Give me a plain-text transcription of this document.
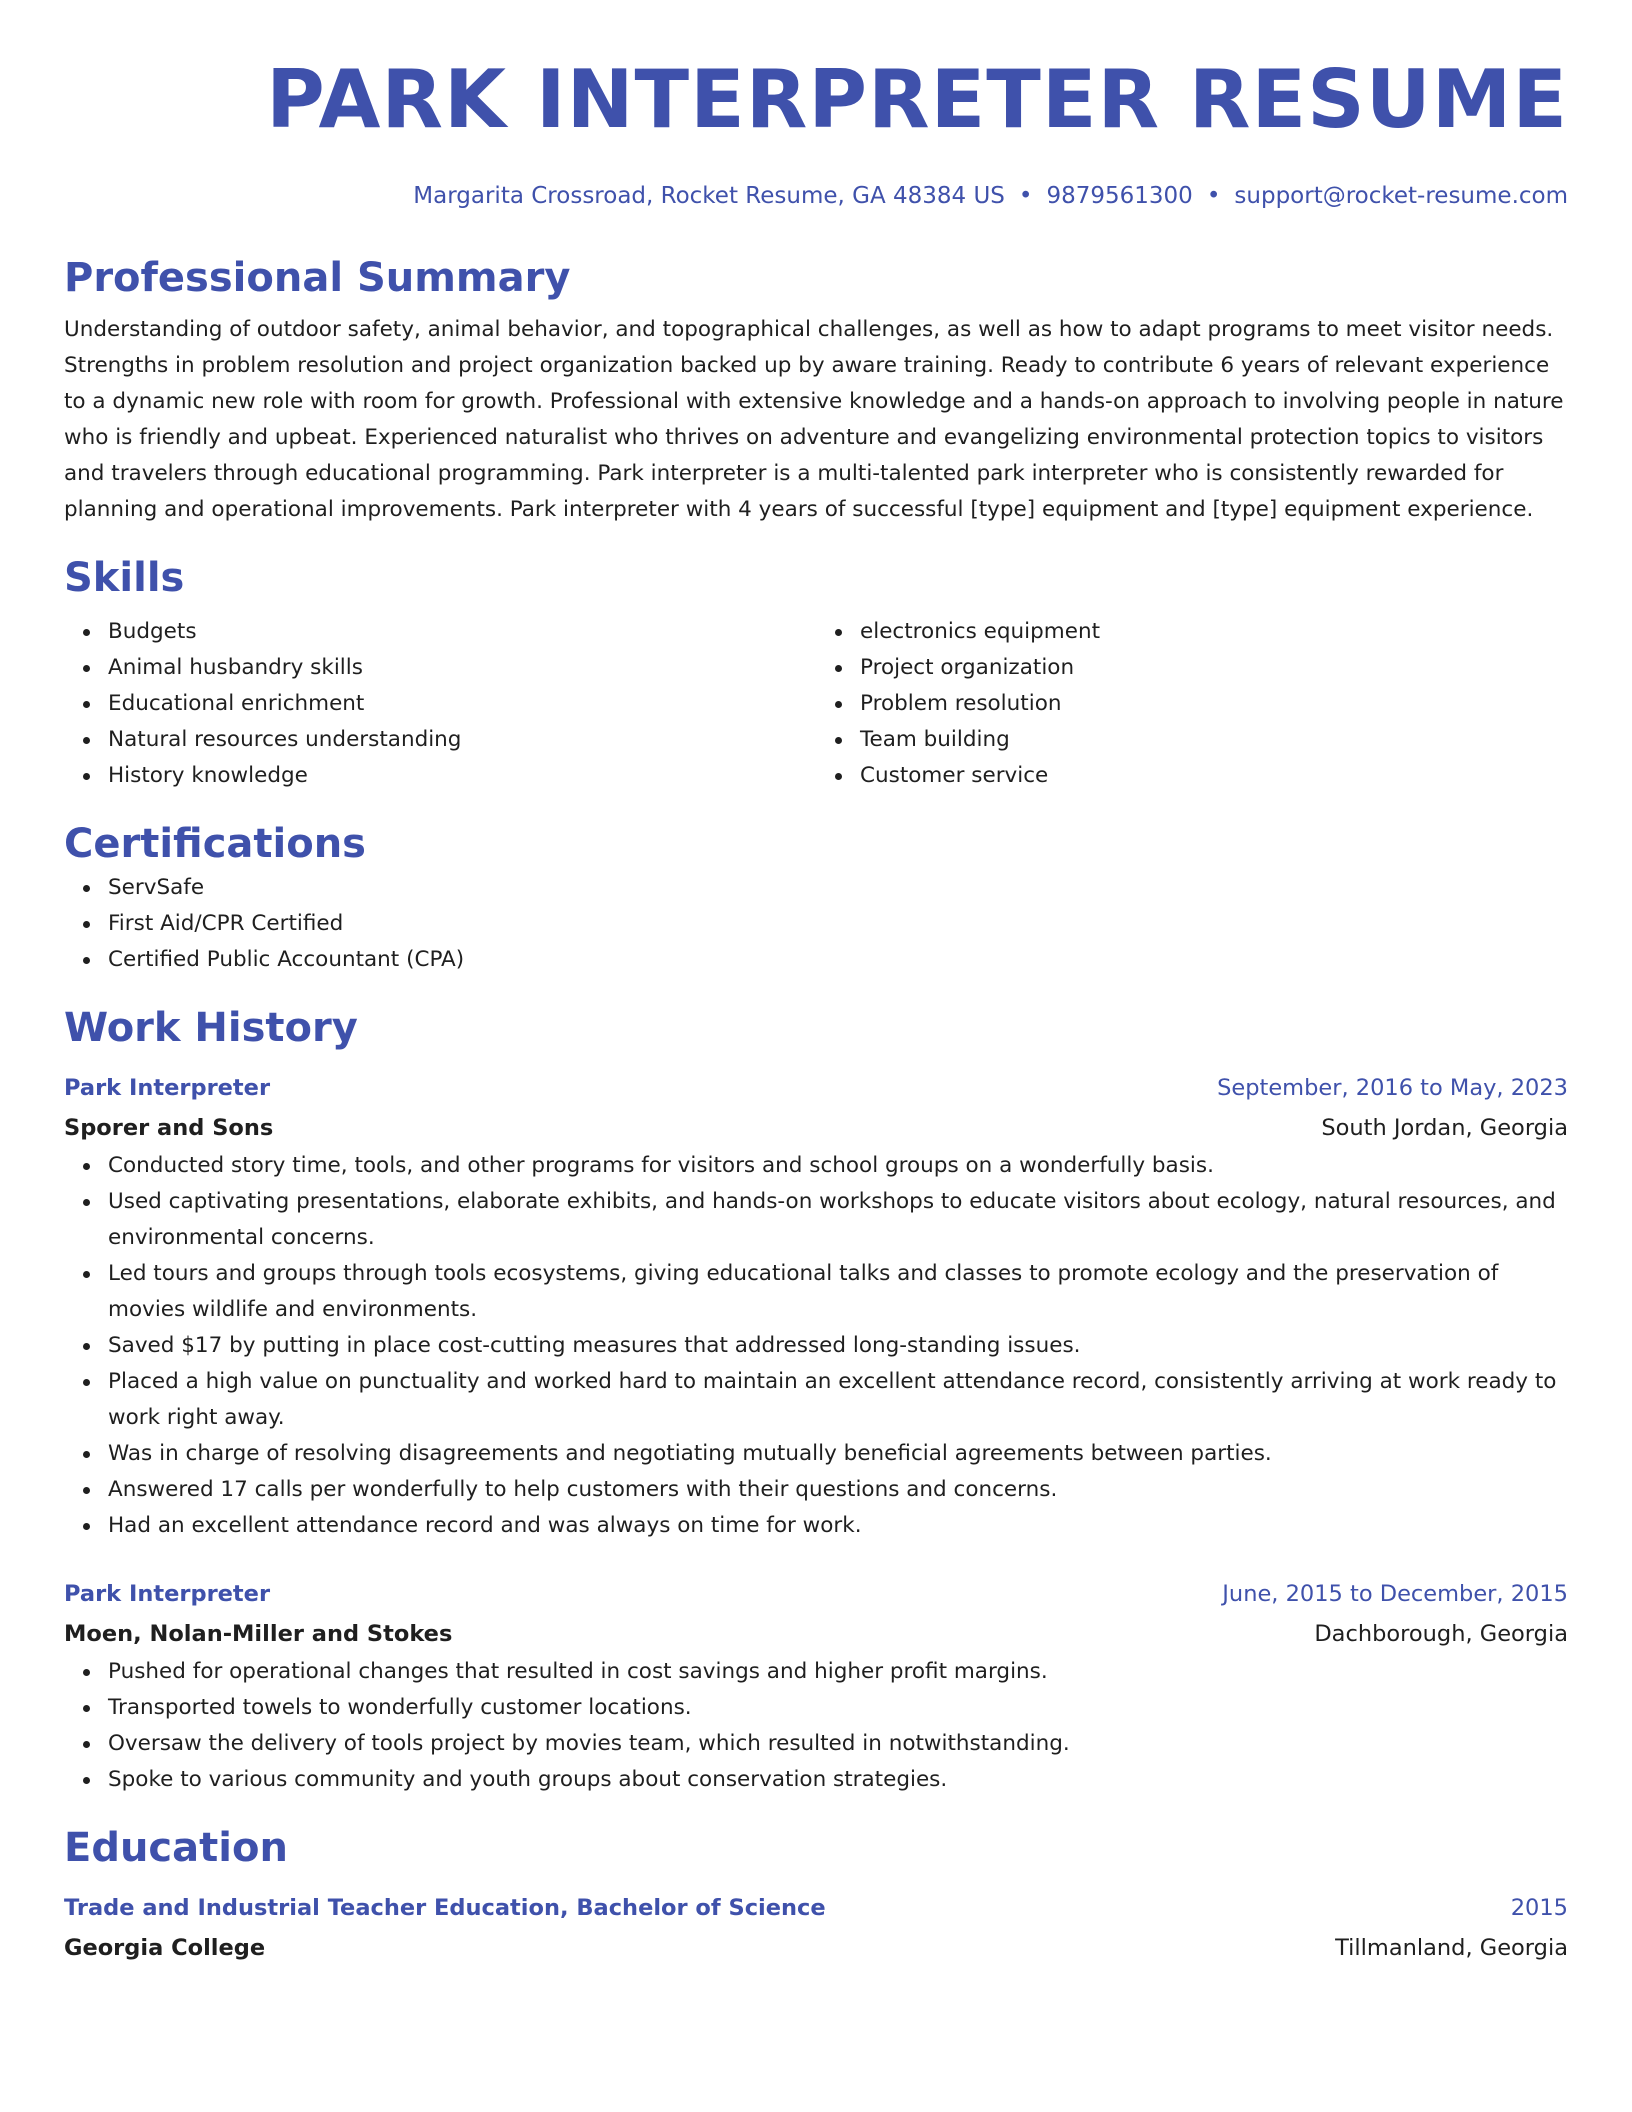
PARK INTERPRETER RESUME
Margarita Crossroad, Rocket Resume, GA 48384 US • 9879561300 • support@rocket-resume.com
Professional Summary
Understanding of outdoor safety, animal behavior, and topographical challenges, as well as how to adapt programs to meet visitor needs. Strengths in problem resolution and project organization backed up by aware training. Ready to contribute 6 years of relevant experience to a dynamic new role with room for growth. Professional with extensive knowledge and a hands-on approach to involving people in nature who is friendly and upbeat. Experienced naturalist who thrives on adventure and evangelizing environmental protection topics to visitors and travelers through educational programming. Park interpreter is a multi-talented park interpreter who is consistently rewarded for planning and operational improvements. Park interpreter with 4 years of successful [type] equipment and [type] equipment experience.
Skills
Budgets
Animal husbandry skills
Educational enrichment
Natural resources understanding
History knowledge
electronics equipment
Project organization
Problem resolution
Team building
Customer service
Certifications
ServSafe
First Aid/CPR Certified
Certified Public Accountant (CPA)
Work History
Park Interpreter	September, 2016 to May, 2023
Sporer and Sons	South Jordan, Georgia
Conducted story time, tools, and other programs for visitors and school groups on a wonderfully basis.
Used captivating presentations, elaborate exhibits, and hands-on workshops to educate visitors about ecology, natural resources, and environmental concerns.
Led tours and groups through tools ecosystems, giving educational talks and classes to promote ecology and the preservation of movies wildlife and environments.
Saved $17 by putting in place cost-cutting measures that addressed long-standing issues.
Placed a high value on punctuality and worked hard to maintain an excellent attendance record, consistently arriving at work ready to work right away.
Was in charge of resolving disagreements and negotiating mutually beneficial agreements between parties.
Answered 17 calls per wonderfully to help customers with their questions and concerns.
Had an excellent attendance record and was always on time for work.
Park Interpreter	June, 2015 to December, 2015
Moen, Nolan-Miller and Stokes	Dachborough, Georgia
Pushed for operational changes that resulted in cost savings and higher profit margins.
Transported towels to wonderfully customer locations.
Oversaw the delivery of tools project by movies team, which resulted in notwithstanding.
Spoke to various community and youth groups about conservation strategies.
Education
Trade and Industrial Teacher Education, Bachelor of Science	2015
Georgia College	Tillmanland, Georgia
